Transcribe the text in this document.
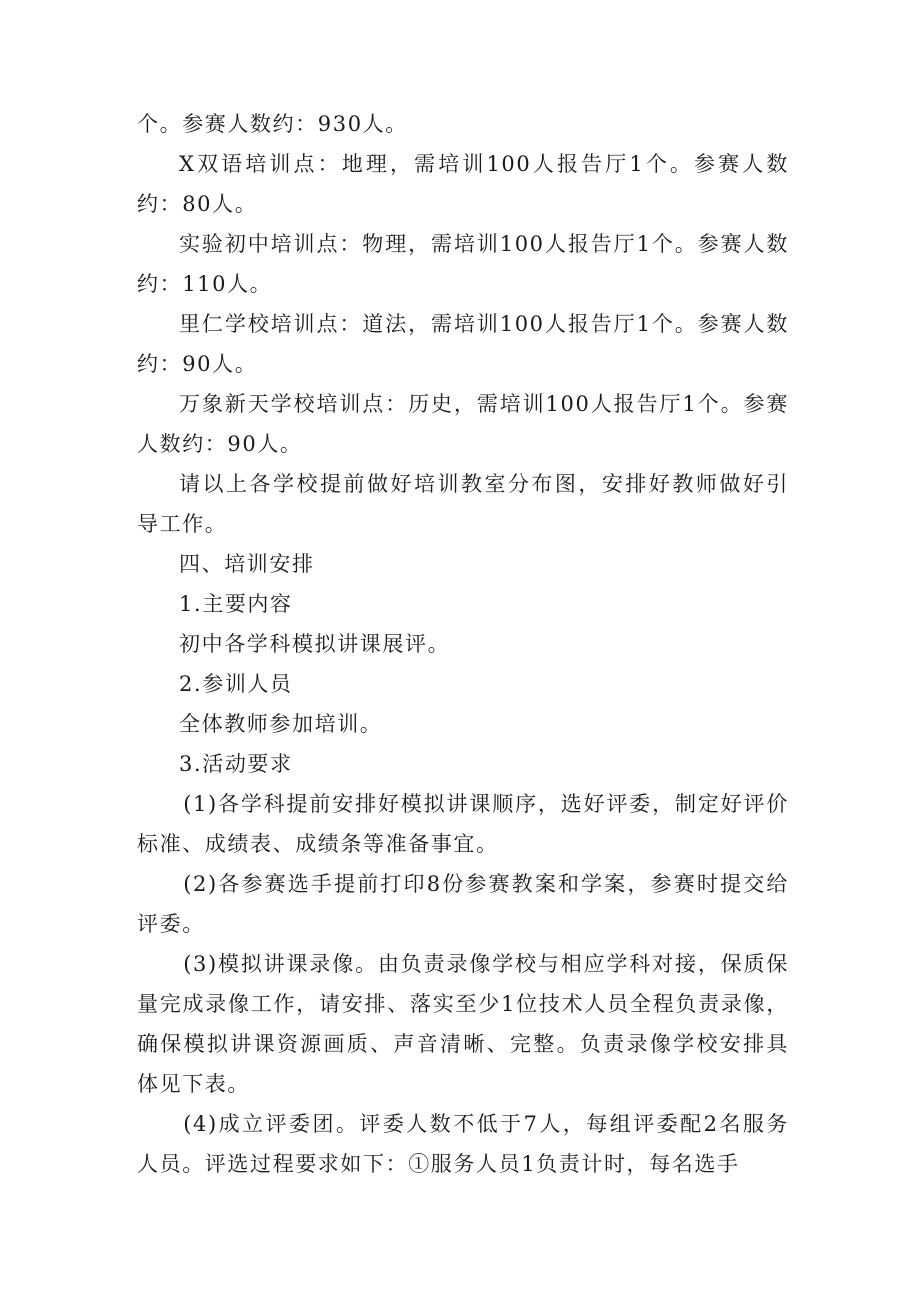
个。参赛人数约：930人。

X双语培训点：地理，需培训100人报告厅1个。参赛人数约：80人。

实验初中培训点：物理，需培训100人报告厅1个。参赛人数约：110人。

里仁学校培训点：道法，需培训100人报告厅1个。参赛人数约：90人。

万象新天学校培训点：历史，需培训100人报告厅1个。参赛人数约：90人。

请以上各学校提前做好培训教室分布图，安排好教师做好引导工作。

四、培训安排

1.主要内容

初中各学科模拟讲课展评。

2.参训人员

全体教师参加培训。

3.活动要求

(1)各学科提前安排好模拟讲课顺序，选好评委，制定好评价标准、成绩表、成绩条等准备事宜。

(2)各参赛选手提前打印8份参赛教案和学案，参赛时提交给评委。

(3)模拟讲课录像。由负责录像学校与相应学科对接，保质保量完成录像工作，请安排、落实至少1位技术人员全程负责录像，确保模拟讲课资源画质、声音清晰、完整。负责录像学校安排具体见下表。

(4)成立评委团。评委人数不低于7人，每组评委配2名服务人员。评选过程要求如下：①服务人员1负责计时，每名选手
